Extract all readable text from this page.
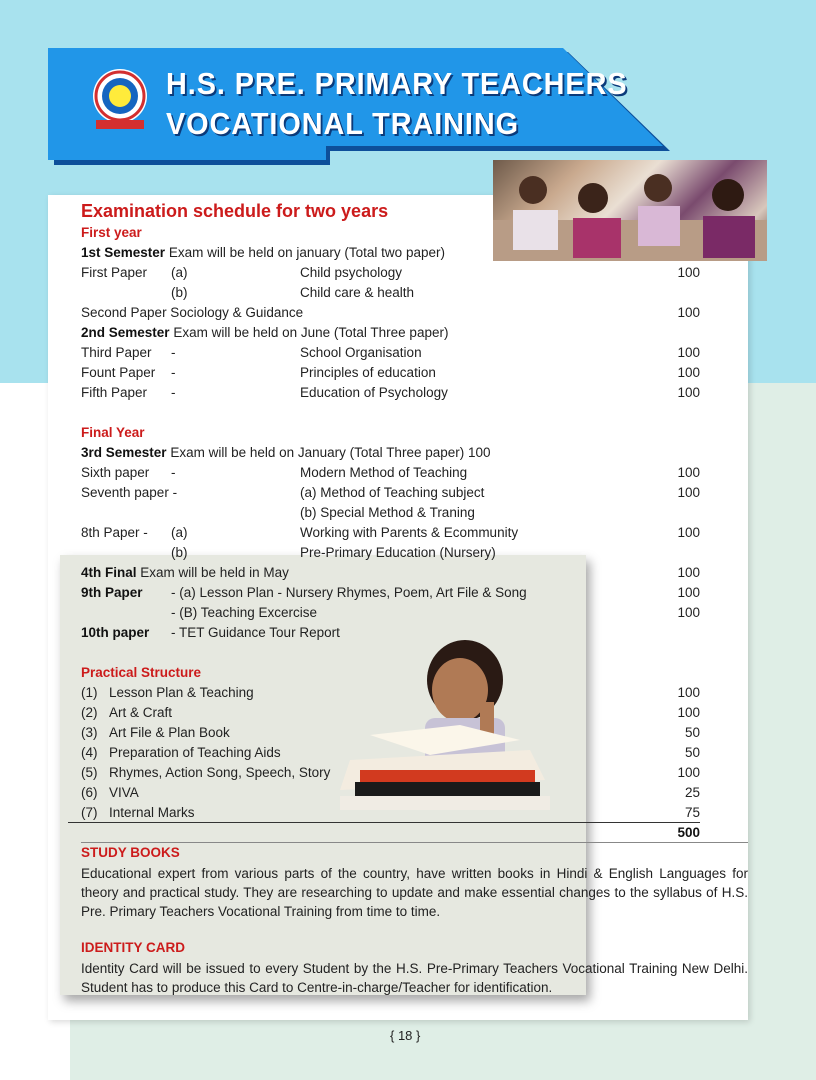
H.S. PRE. PRIMARY TEACHERS
VOCATIONAL TRAINING
Examination schedule for two years
First year
1st Semester Exam will be held on january (Total two paper)
First Paper (a)	Child psychology	100
(b)	Child care & health
Second Paper Sociology & Guidance	100
2nd Semester Exam will be held on June (Total Three paper)
Third Paper -	School Organisation	100
Fount Paper -	Principles of education	100
Fifth Paper -	Education of Psychology	100
Final Year
3rd Semester Exam will be held on January (Total Three paper) 100
Sixth paper -	Modern Method of Teaching	100
Seventh paper -	(a) Method of Teaching subject	100
(b) Special Method & Traning
8th Paper - (a)	Working with Parents & Ecommunity	100
(b)	Pre-Primary Education (Nursery)
4th Final Exam will be held in May	100
9th Paper - (a) Lesson Plan - Nursery Rhymes, Poem, Art File & Song	100
- (B) Teaching Excercise	100
10th paper - TET Guidance Tour Report
Practical Structure
(1) Lesson Plan & Teaching	100
(2) Art & Craft	100
(3) Art File & Plan Book	50
(4) Preparation of Teaching Aids	50
(5) Rhymes, Action Song, Speech, Story	100
(6) VIVA	25
(7) Internal Marks	75
500
STUDY BOOKS
Educational expert from various parts of the country, have written books in Hindi & English Languages for theory and practical study. They are researching to update and make essential changes to the syllabus of H.S. Pre. Primary Teachers Vocational Training from time to time.
IDENTITY CARD
Identity Card will be issued to every Student by the H.S. Pre-Primary Teachers Vocational Training New Delhi. Student has to produce this Card to Centre-in-charge/Teacher for identification.
{ 18 }
